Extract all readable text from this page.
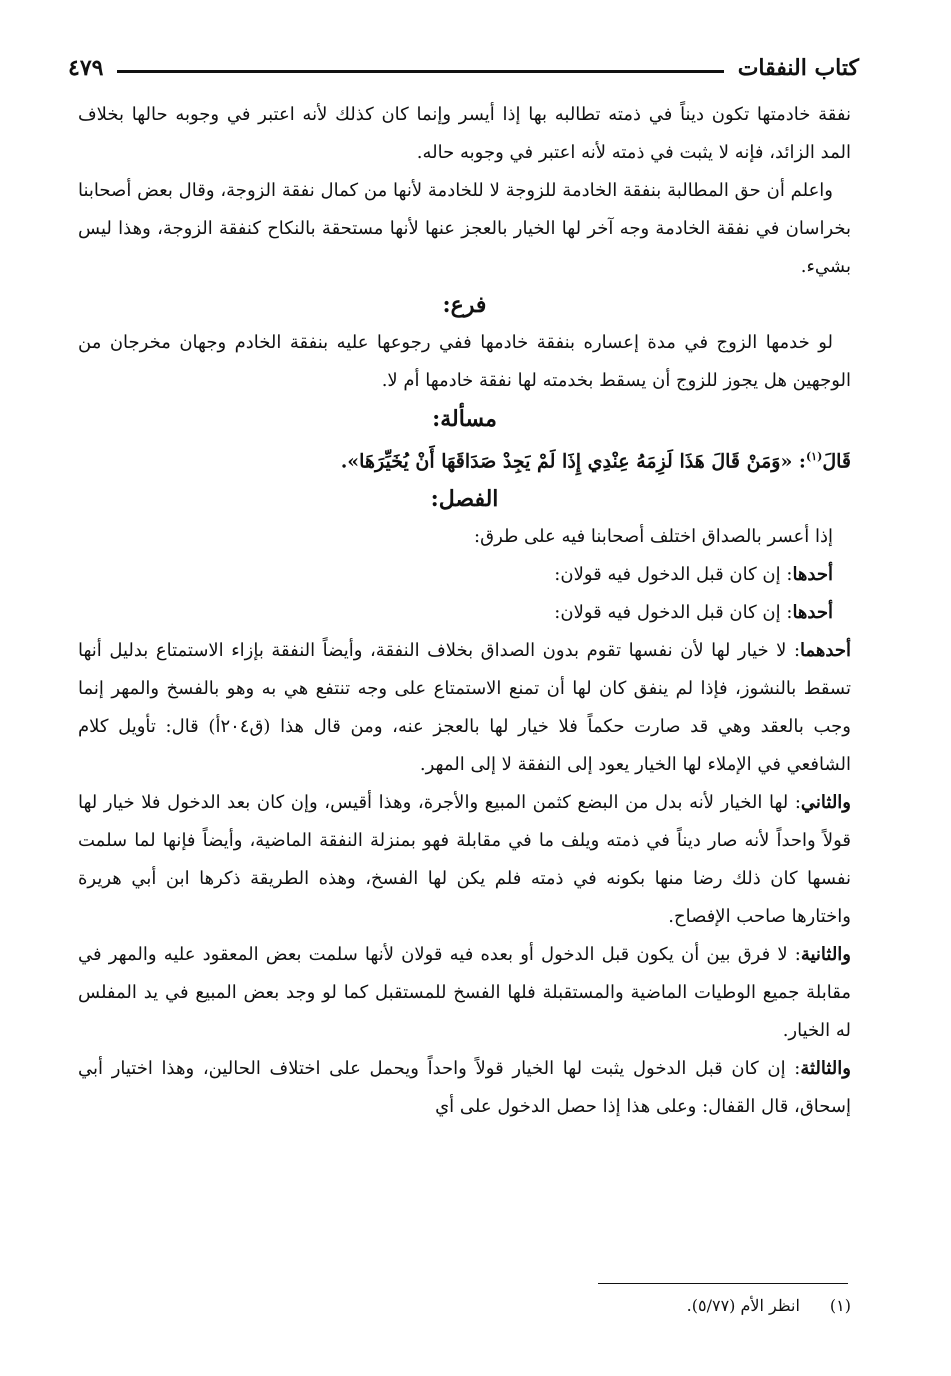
كتاب النفقات
٤٧٩

نفقة خادمتها تكون ديناً في ذمته تطالبه بها إذا أيسر وإنما كان كذلك لأنه اعتبر في وجوبه حالها بخلاف المد الزائد، فإنه لا يثبت في ذمته لأنه اعتبر في وجوبه حاله.

واعلم أن حق المطالبة بنفقة الخادمة للزوجة لا للخادمة لأنها من كمال نفقة الزوجة، وقال بعض أصحابنا بخراسان في نفقة الخادمة وجه آخر لها الخيار بالعجز عنها لأنها مستحقة بالنكاح كنفقة الزوجة، وهذا ليس بشيء.

فرع:

لو خدمها الزوج في مدة إعساره بنفقة خادمها ففي رجوعها عليه بنفقة الخادم وجهان مخرجان من الوجهين هل يجوز للزوج أن يسقط بخدمته لها نفقة خادمها أم لا.

مسألة:

قَالَ$^{(١)}$: «وَمَنْ قَالَ هَذَا لَزِمَهُ عِنْدِي إِذَا لَمْ يَجِدْ صَدَاقَهَا أَنْ يُخَيِّرَهَا».

الفصل:

إذا أعسر بالصداق اختلف أصحابنا فيه على طرق:

أحدها: إن كان قبل الدخول فيه قولان:

أحدها: إن كان قبل الدخول فيه قولان:

أحدهما: لا خيار لها لأن نفسها تقوم بدون الصداق بخلاف النفقة، وأيضاً النفقة بإزاء الاستمتاع بدليل أنها تسقط بالنشوز، فإذا لم ينفق كان لها أن تمنع الاستمتاع على وجه تنتفع هي به وهو بالفسخ والمهر إنما وجب بالعقد وهي قد صارت حكماً فلا خيار لها بالعجز عنه، ومن قال هذا (ق٢٠٤أ) قال: تأويل كلام الشافعي في الإملاء لها الخيار يعود إلى النفقة لا إلى المهر.

والثاني: لها الخيار لأنه بدل من البضع كثمن المبيع والأجرة، وهذا أقيس، وإن كان بعد الدخول فلا خيار لها قولاً واحداً لأنه صار ديناً في ذمته ويلف ما في مقابلة فهو بمنزلة النفقة الماضية، وأيضاً فإنها لما سلمت نفسها كان ذلك رضا منها بكونه في ذمته فلم يكن لها الفسخ، وهذه الطريقة ذكرها ابن أبي هريرة واختارها صاحب الإفصاح.

والثانية: لا فرق بين أن يكون قبل الدخول أو بعده فيه قولان لأنها سلمت بعض المعقود عليه والمهر في مقابلة جميع الوطيات الماضية والمستقبلة فلها الفسخ للمستقبل كما لو وجد بعض المبيع في يد المفلس له الخيار.

والثالثة: إن كان قبل الدخول يثبت لها الخيار قولاً واحداً ويحمل على اختلاف الحالين، وهذا اختيار أبي إسحاق، قال القفال: وعلى هذا إذا حصل الدخول على أي

(١)انظر الأم (٥/٧٧).
